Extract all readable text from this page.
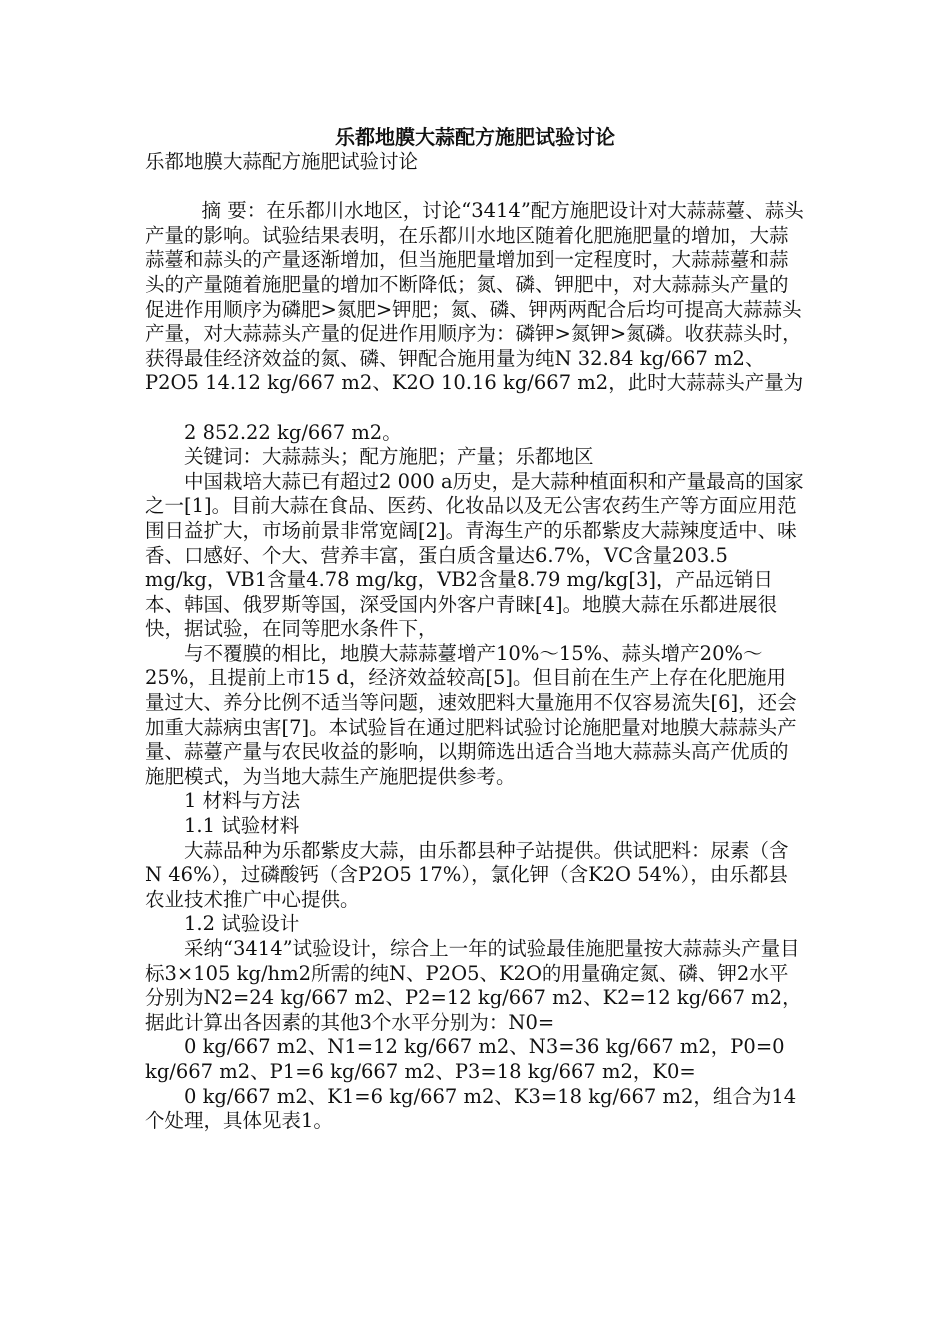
乐都地膜大蒜配方施肥试验讨论

乐都地膜大蒜配方施肥试验讨论

摘 要：在乐都川水地区，讨论“3414”配方施肥设计对大蒜蒜薹、蒜头产量的影响。试验结果表明，在乐都川水地区随着化肥施肥量的增加，大蒜蒜薹和蒜头的产量逐渐增加，但当施肥量增加到一定程度时，大蒜蒜薹和蒜头的产量随着施肥量的增加不断降低；氮、磷、钾肥中，对大蒜蒜头产量的促进作用顺序为磷肥>氮肥>钾肥；氮、磷、钾两两配合后均可提高大蒜蒜头产量，对大蒜蒜头产量的促进作用顺序为：磷钾>氮钾>氮磷。收获蒜头时，获得最佳经济效益的氮、磷、钾配合施用量为纯N 32.84 kg/667 m2、P2O5 14.12 kg/667 m2、K2O 10.16 kg/667 m2，此时大蒜蒜头产量为

2 852.22 kg/667 m2。

关键词：大蒜蒜头；配方施肥；产量；乐都地区

中国栽培大蒜已有超过2 000 a历史，是大蒜种植面积和产量最高的国家之一[1]。目前大蒜在食品、医药、化妆品以及无公害农药生产等方面应用范围日益扩大，市场前景非常宽阔[2]。青海生产的乐都紫皮大蒜辣度适中、味香、口感好、个大、营养丰富，蛋白质含量达6.7%，VC含量203.5 mg/kg，VB1含量4.78 mg/kg，VB2含量8.79 mg/kg[3]，产品远销日本、韩国、俄罗斯等国，深受国内外客户青睐[4]。地膜大蒜在乐都进展很快，据试验，在同等肥水条件下，

与不覆膜的相比，地膜大蒜蒜薹增产10%～15%、蒜头增产20%～25%，且提前上市15 d，经济效益较高[5]。但目前在生产上存在化肥施用量过大、养分比例不适当等问题，速效肥料大量施用不仅容易流失[6]，还会加重大蒜病虫害[7]。本试验旨在通过肥料试验讨论施肥量对地膜大蒜蒜头产量、蒜薹产量与农民收益的影响，以期筛选出适合当地大蒜蒜头高产优质的施肥模式，为当地大蒜生产施肥提供参考。

1 材料与方法

1.1 试验材料

大蒜品种为乐都紫皮大蒜，由乐都县种子站提供。供试肥料：尿素（含N 46%），过磷酸钙（含P2O5 17%），氯化钾（含K2O 54%），由乐都县农业技术推广中心提供。

1.2 试验设计

采纳“3414”试验设计，综合上一年的试验最佳施肥量按大蒜蒜头产量目标3×105 kg/hm2所需的纯N、P2O5、K2O的用量确定氮、磷、钾2水平分别为N2=24 kg/667 m2、P2=12 kg/667 m2、K2=12 kg/667 m2，据此计算出各因素的其他3个水平分别为：N0=

0 kg/667 m2、N1=12 kg/667 m2、N3=36 kg/667 m2，P0=0 kg/667 m2、P1=6 kg/667 m2、P3=18 kg/667 m2，K0=

0 kg/667 m2、K1=6 kg/667 m2、K3=18 kg/667 m2，组合为14个处理，具体见表1。
